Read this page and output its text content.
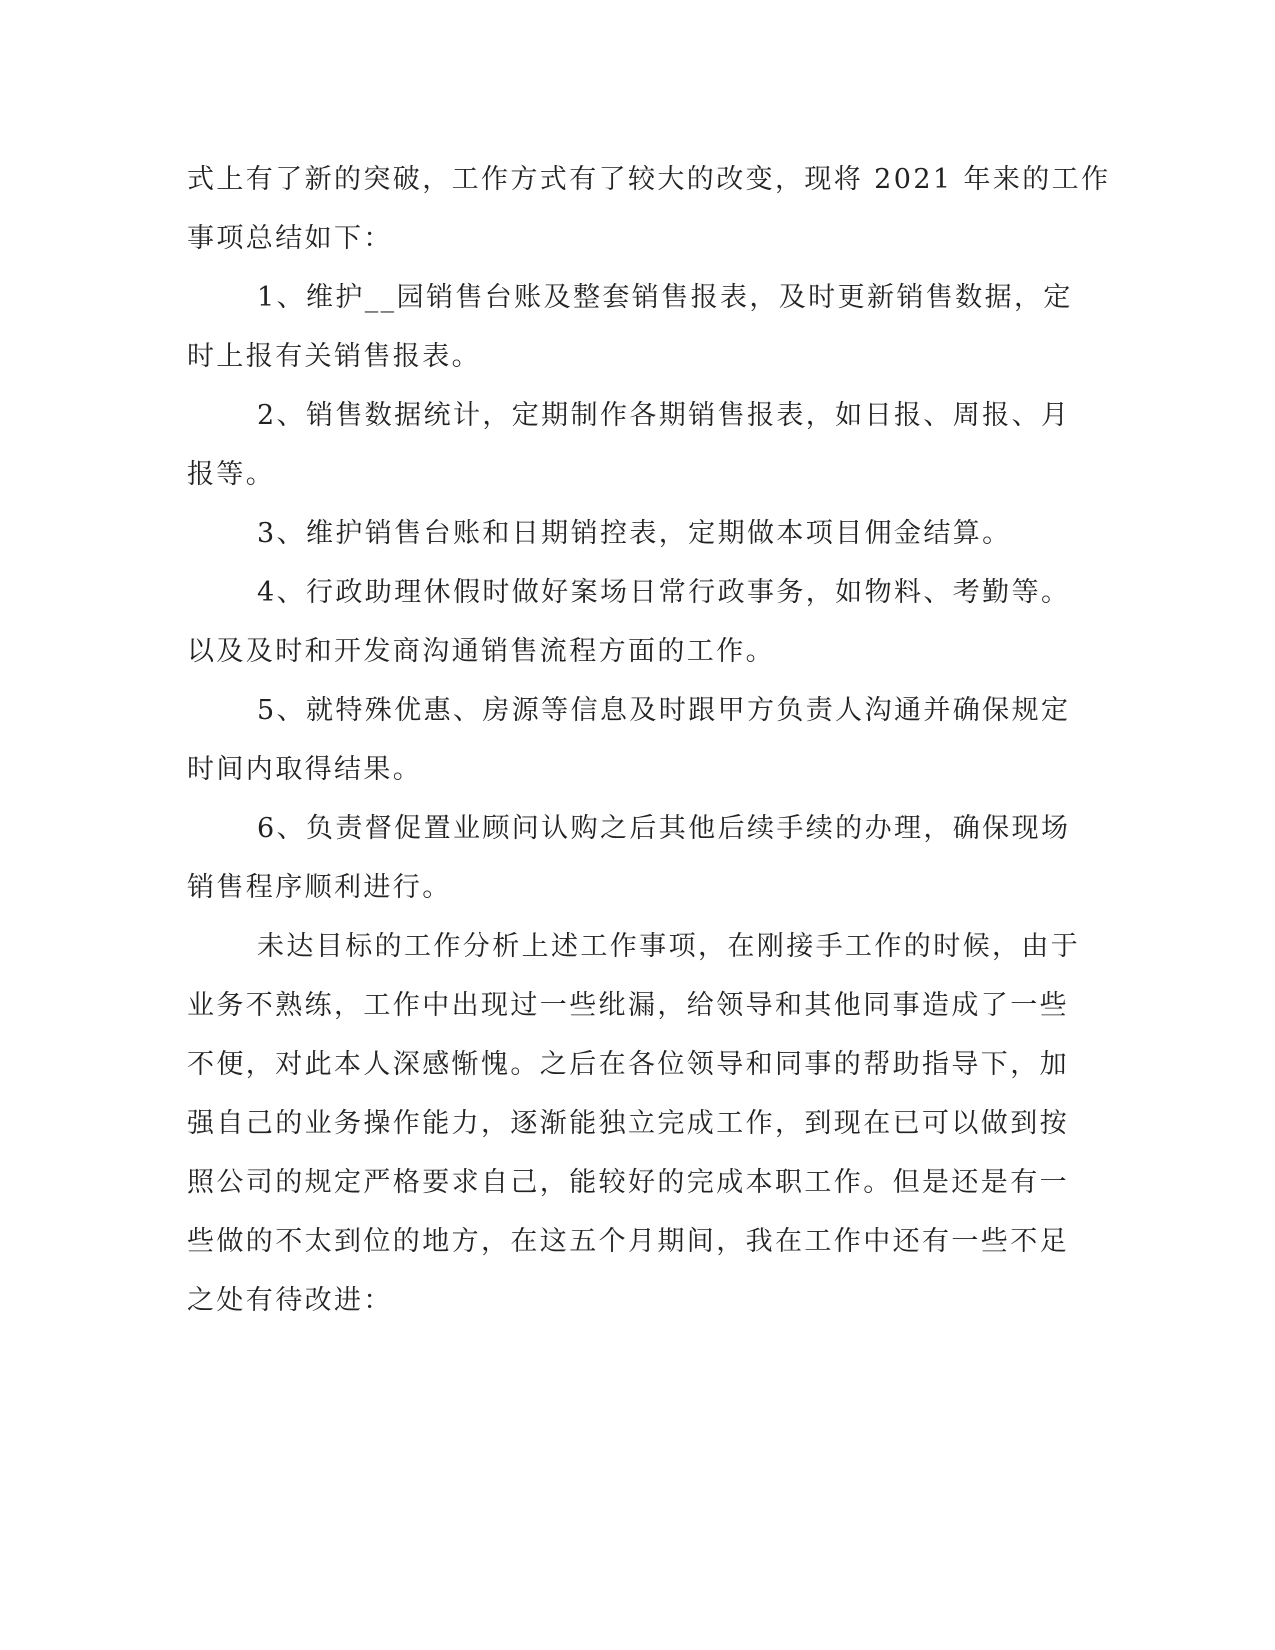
式上有了新的突破，工作方式有了较大的改变，现将 2021 年来的工作

事项总结如下：

1、维护__园销售台账及整套销售报表，及时更新销售数据，定

时上报有关销售报表。

2、销售数据统计，定期制作各期销售报表，如日报、周报、月

报等。

3、维护销售台账和日期销控表，定期做本项目佣金结算。

4、行政助理休假时做好案场日常行政事务，如物料、考勤等。

以及及时和开发商沟通销售流程方面的工作。

5、就特殊优惠、房源等信息及时跟甲方负责人沟通并确保规定

时间内取得结果。

6、负责督促置业顾问认购之后其他后续手续的办理，确保现场

销售程序顺利进行。

未达目标的工作分析上述工作事项，在刚接手工作的时候，由于

业务不熟练，工作中出现过一些纰漏，给领导和其他同事造成了一些

不便，对此本人深感惭愧。之后在各位领导和同事的帮助指导下，加

强自己的业务操作能力，逐渐能独立完成工作，到现在已可以做到按

照公司的规定严格要求自己，能较好的完成本职工作。但是还是有一

些做的不太到位的地方，在这五个月期间，我在工作中还有一些不足

之处有待改进：
